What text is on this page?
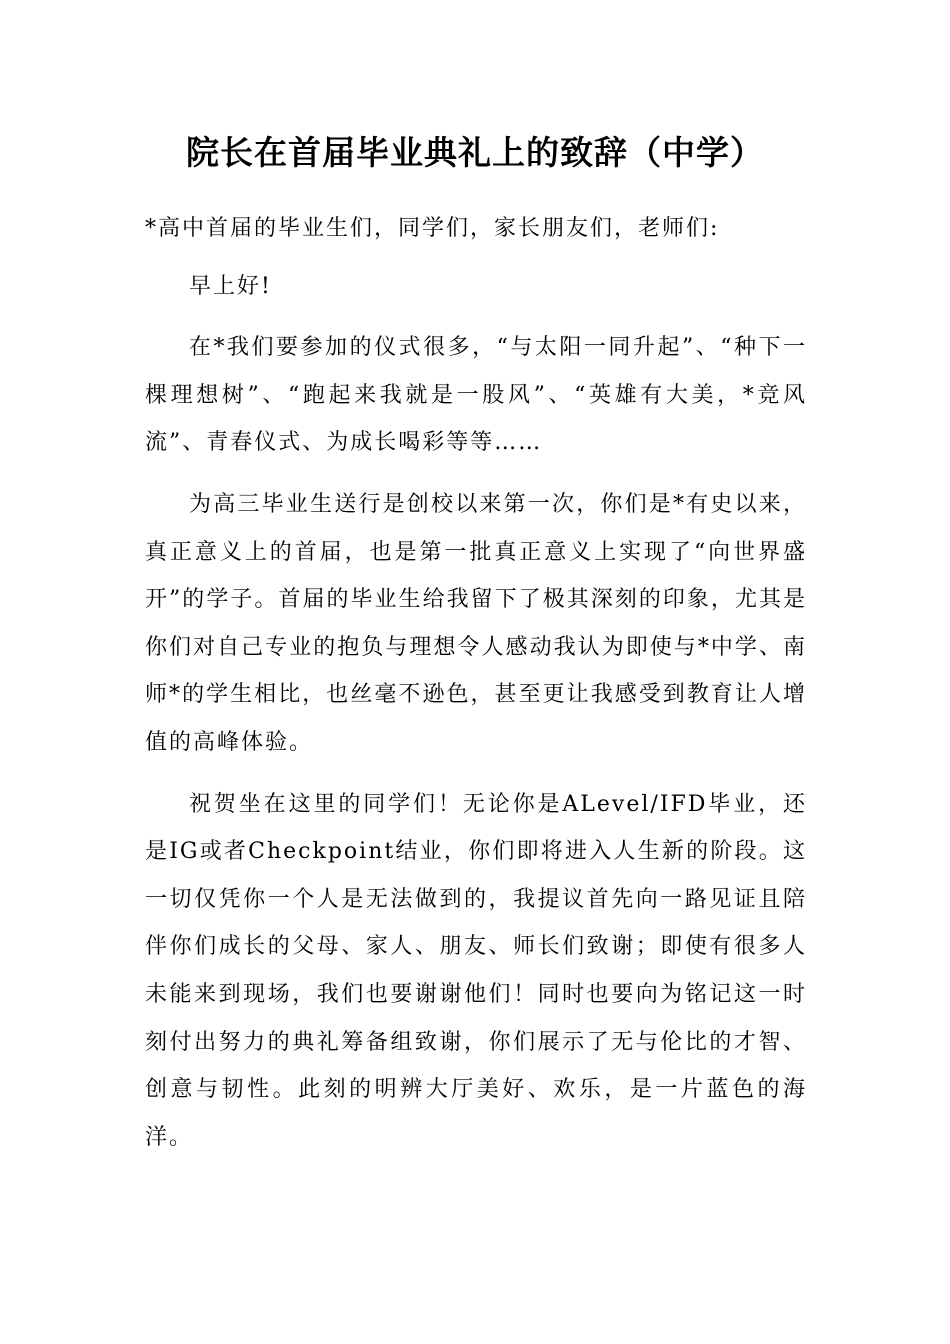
院长在首届毕业典礼上的致辞（中学）

*高中首届的毕业生们，同学们，家长朋友们，老师们:

早上好!

在*我们要参加的仪式很多，“与太阳一同升起”、“种下一棵理想树”、“跑起来我就是一股风”、“英雄有大美，*竞风流”、青春仪式、为成长喝彩等等……

为高三毕业生送行是创校以来第一次，你们是*有史以来，真正意义上的首届，也是第一批真正意义上实现了“向世界盛开”的学子。首届的毕业生给我留下了极其深刻的印象，尤其是你们对自己专业的抱负与理想令人感动我认为即使与*中学、南师*的学生相比，也丝毫不逊色，甚至更让我感受到教育让人增值的高峰体验。

祝贺坐在这里的同学们！无论你是ALevel/IFD毕业，还是IG或者Checkpoint结业，你们即将进入人生新的阶段。这一切仅凭你一个人是无法做到的，我提议首先向一路见证且陪伴你们成长的父母、家人、朋友、师长们致谢；即使有很多人未能来到现场，我们也要谢谢他们！同时也要向为铭记这一时刻付出努力的典礼筹备组致谢，你们展示了无与伦比的才智、创意与韧性。此刻的明辨大厅美好、欢乐，是一片蓝色的海洋。
